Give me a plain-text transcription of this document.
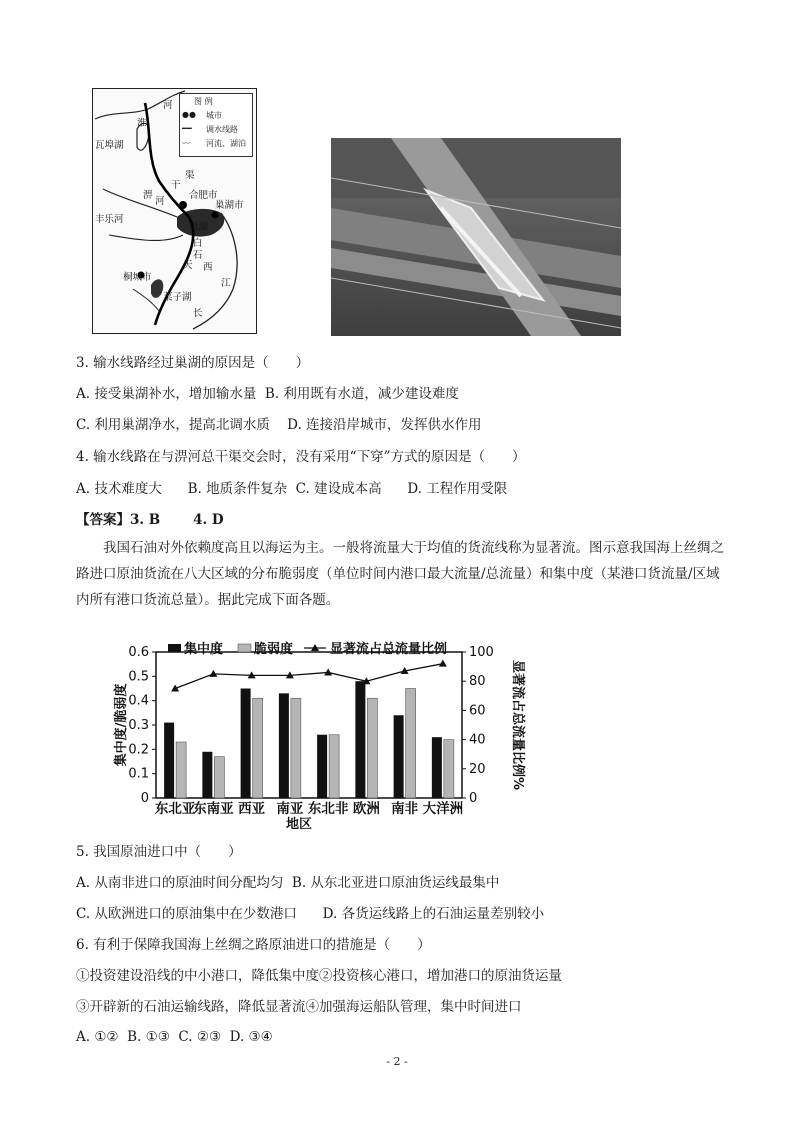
图 例
●● 城市
━━ 调水线路
〰 河流、湖泊
河
淮
瓦埠湖
干
渠
合肥市
淠
河
巢湖
巢湖市
丰乐河
白
石
天 西
江
桐城市
菜子湖
长
3. 输水线路经过巢湖的原因是（　　）
A. 接受巢湖补水，增加输水量  B. 利用既有水道，减少建设难度
C. 利用巢湖净水，提高北调水质    D. 连接沿岸城市，发挥供水作用
4. 输水线路在与淠河总干渠交会时，没有采用“下穿”方式的原因是（　　）
A. 技术难度大      B. 地质条件复杂  C. 建设成本高      D. 工程作用受限
【答案】3. B       4. D
我国石油对外依赖度高且以海运为主。一般将流量大于均值的货流线称为显著流。图示意我国海上丝绸之路进口原油货流在八大区域的分布脆弱度（单位时间内港口最大流量/总流量）和集中度（某港口货流量/区域内所有港口货流总量）。据此完成下面各题。
0
0.1
0.2
0.3
0.4
0.5
0.6
0
20
40
60
80
100
东北亚
东南亚 西亚 南亚 东北非 欧洲 南非 大洋洲
集中度 脆弱度	显著流占总流量比例
集中度/脆弱度	显著流占总流量比例%
地区
5. 我国原油进口中（　　）
A. 从南非进口的原油时间分配均匀  B. 从东北亚进口原油货运线最集中
C. 从欧洲进口的原油集中在少数港口      D. 各货运线路上的石油运量差别较小
6. 有利于保障我国海上丝绸之路原油进口的措施是（　　）
①投资建设沿线的中小港口，降低集中度②投资核心港口，增加港口的原油货运量
③开辟新的石油运输线路，降低显著流④加强海运船队管理，集中时间进口
A. ①②  B. ①③  C. ②③  D. ③④
- 2 -
